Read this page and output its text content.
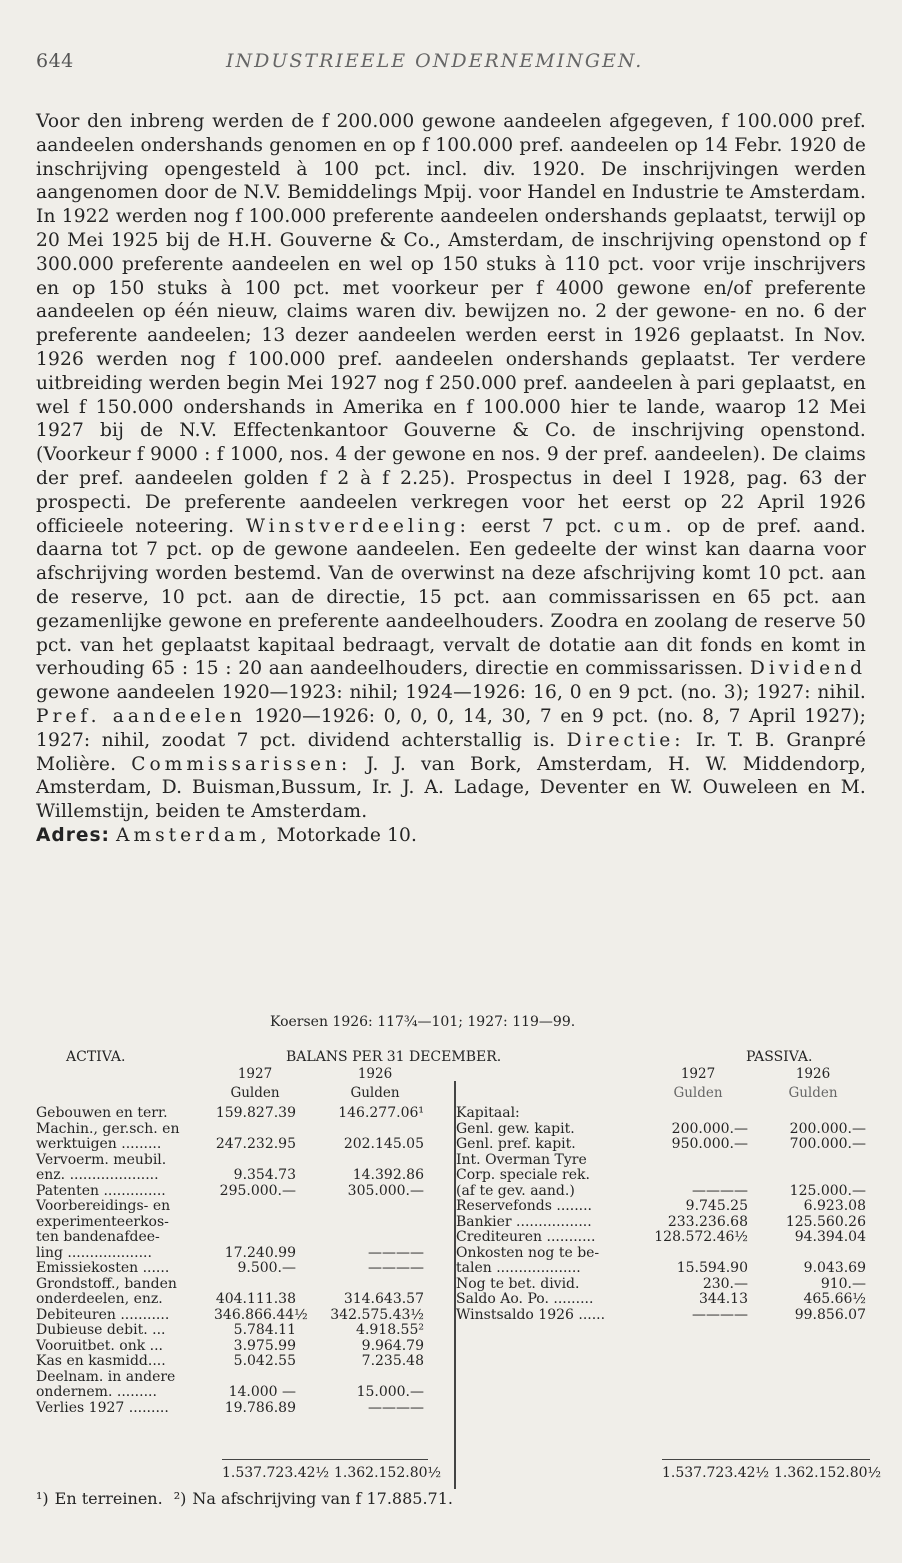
644	INDUSTRIEELE ONDERNEMINGEN.

Voor den inbreng werden de f 200.000 gewone aandeelen afgegeven, f 100.000 pref. aandeelen ondershands genomen en op f 100.000 pref. aandeelen op 14 Febr. 1920 de inschrijving opengesteld à 100 pct. incl. div. 1920. De inschrijvingen werden aangenomen door de N.V. Bemiddelings Mpij. voor Handel en Industrie te Amsterdam. In 1922 werden nog f 100.000 preferente aandeelen ondershands geplaatst, terwijl op 20 Mei 1925 bij de H.H. Gouverne & Co., Amsterdam, de inschrijving openstond op f 300.000 preferente aandeelen en wel op 150 stuks à 110 pct. voor vrije inschrijvers en op 150 stuks à 100 pct. met voorkeur per f 4000 gewone en/of preferente aandeelen op één nieuw, claims waren div. bewijzen no. 2 der gewone- en no. 6 der preferente aandeelen; 13 dezer aandeelen werden eerst in 1926 geplaatst. In Nov. 1926 werden nog f 100.000 pref. aandeelen ondershands geplaatst. Ter verdere uitbreiding werden begin Mei 1927 nog f 250.000 pref. aandeelen à pari geplaatst, en wel f 150.000 ondershands in Amerika en f 100.000 hier te lande, waarop 12 Mei 1927 bij de N.V. Effectenkantoor Gouverne & Co. de inschrijving openstond. (Voorkeur f 9000 : f 1000, nos. 4 der gewone en nos. 9 der pref. aandeelen). De claims der pref. aandeelen golden f 2 à f 2.25). Prospectus in deel I 1928, pag. 63 der prospecti. De preferente aandeelen verkregen voor het eerst op 22 April 1926 officieele noteering. Winstverdeeling: eerst 7 pct. cum. op de pref. aand. daarna tot 7 pct. op de gewone aandeelen. Een gedeelte der winst kan daarna voor afschrijving worden bestemd. Van de overwinst na deze afschrijving komt 10 pct. aan de reserve, 10 pct. aan de directie, 15 pct. aan commissarissen en 65 pct. aan gezamenlijke gewone en preferente aandeelhouders. Zoodra en zoolang de reserve 50 pct. van het geplaatst kapitaal bedraagt, vervalt de dotatie aan dit fonds en komt in verhouding 65 : 15 : 20 aan aandeelhouders, directie en commissarissen. Dividend gewone aandeelen 1920—1923: nihil; 1924—1926: 16, 0 en 9 pct. (no. 3); 1927: nihil. Pref. aandeelen 1920—1926: 0, 0, 0, 14, 30, 7 en 9 pct. (no. 8, 7 April 1927); 1927: nihil, zoodat 7 pct. dividend achterstallig is. Directie: Ir. T. B. Granpré Molière. Commissarissen: J. J. van Bork, Amsterdam, H. W. Middendorp, Amsterdam, D. Buisman,Bussum, Ir. J. A. Ladage, Deventer en W. Ouweleen en M. Willemstijn, beiden te Amsterdam.

Adres: Amsterdam, Motorkade 10.

Koersen 1926: 117¾—101; 1927: 119—99.
ACTIVA.	BALANS PER 31 DECEMBER.	PASSIVA.
1927	1926
Gulden	Gulden
1927	1926
Gulden	Gulden
Gebouwen en terr.	159.827.39	146.277.06¹
Machin., ger.sch. en
werktuigen .........	247.232.95	202.145.05
Vervoerm. meubil.
enz. ....................	9.354.73	14.392.86
Patenten ..............	295.000.—	305.000.—
Voorbereidings- en
experimenteerkos-
ten bandenafdee-
ling ...................	17.240.99	————
Emissiekosten ......	9.500.—	————
Grondstoff., banden
onderdeelen, enz.	404.111.38	314.643.57
Debiteuren ...........	346.866.44½	342.575.43½
Dubieuse debit. ...	5.784.11	4.918.55²
Vooruitbet. onk ...	3.975.99	9.964.79
Kas en kasmidd....	5.042.55	7.235.48
Deelnam. in andere
ondernem. .........	14.000 —	15.000.—
Verlies 1927 .........	19.786.89	————
Kapitaal:
Genl. gew. kapit.	200.000.—	200.000.—
Genl. pref. kapit.	950.000.—	700.000.—
Int. Overman Tyre
Corp. speciale rek.
(af te gev. aand.)	————	125.000.—
Reservefonds ........	9.745.25	6.923.08
Bankier .................	233.236.68	125.560.26
Crediteuren ...........	128.572.46½	94.394.04
Onkosten nog te be-
talen ...................	15.594.90	9.043.69
Nog te bet. divid.	230.—	910.—
Saldo Ao. Po. .........	344.13	465.66½
Winstsaldo 1926 ......	————	99.856.07
1.537.723.42½ 1.362.152.80½	1.537.723.42½ 1.362.152.80½
¹) En terreinen. ²) Na afschrijving van f 17.885.71.
